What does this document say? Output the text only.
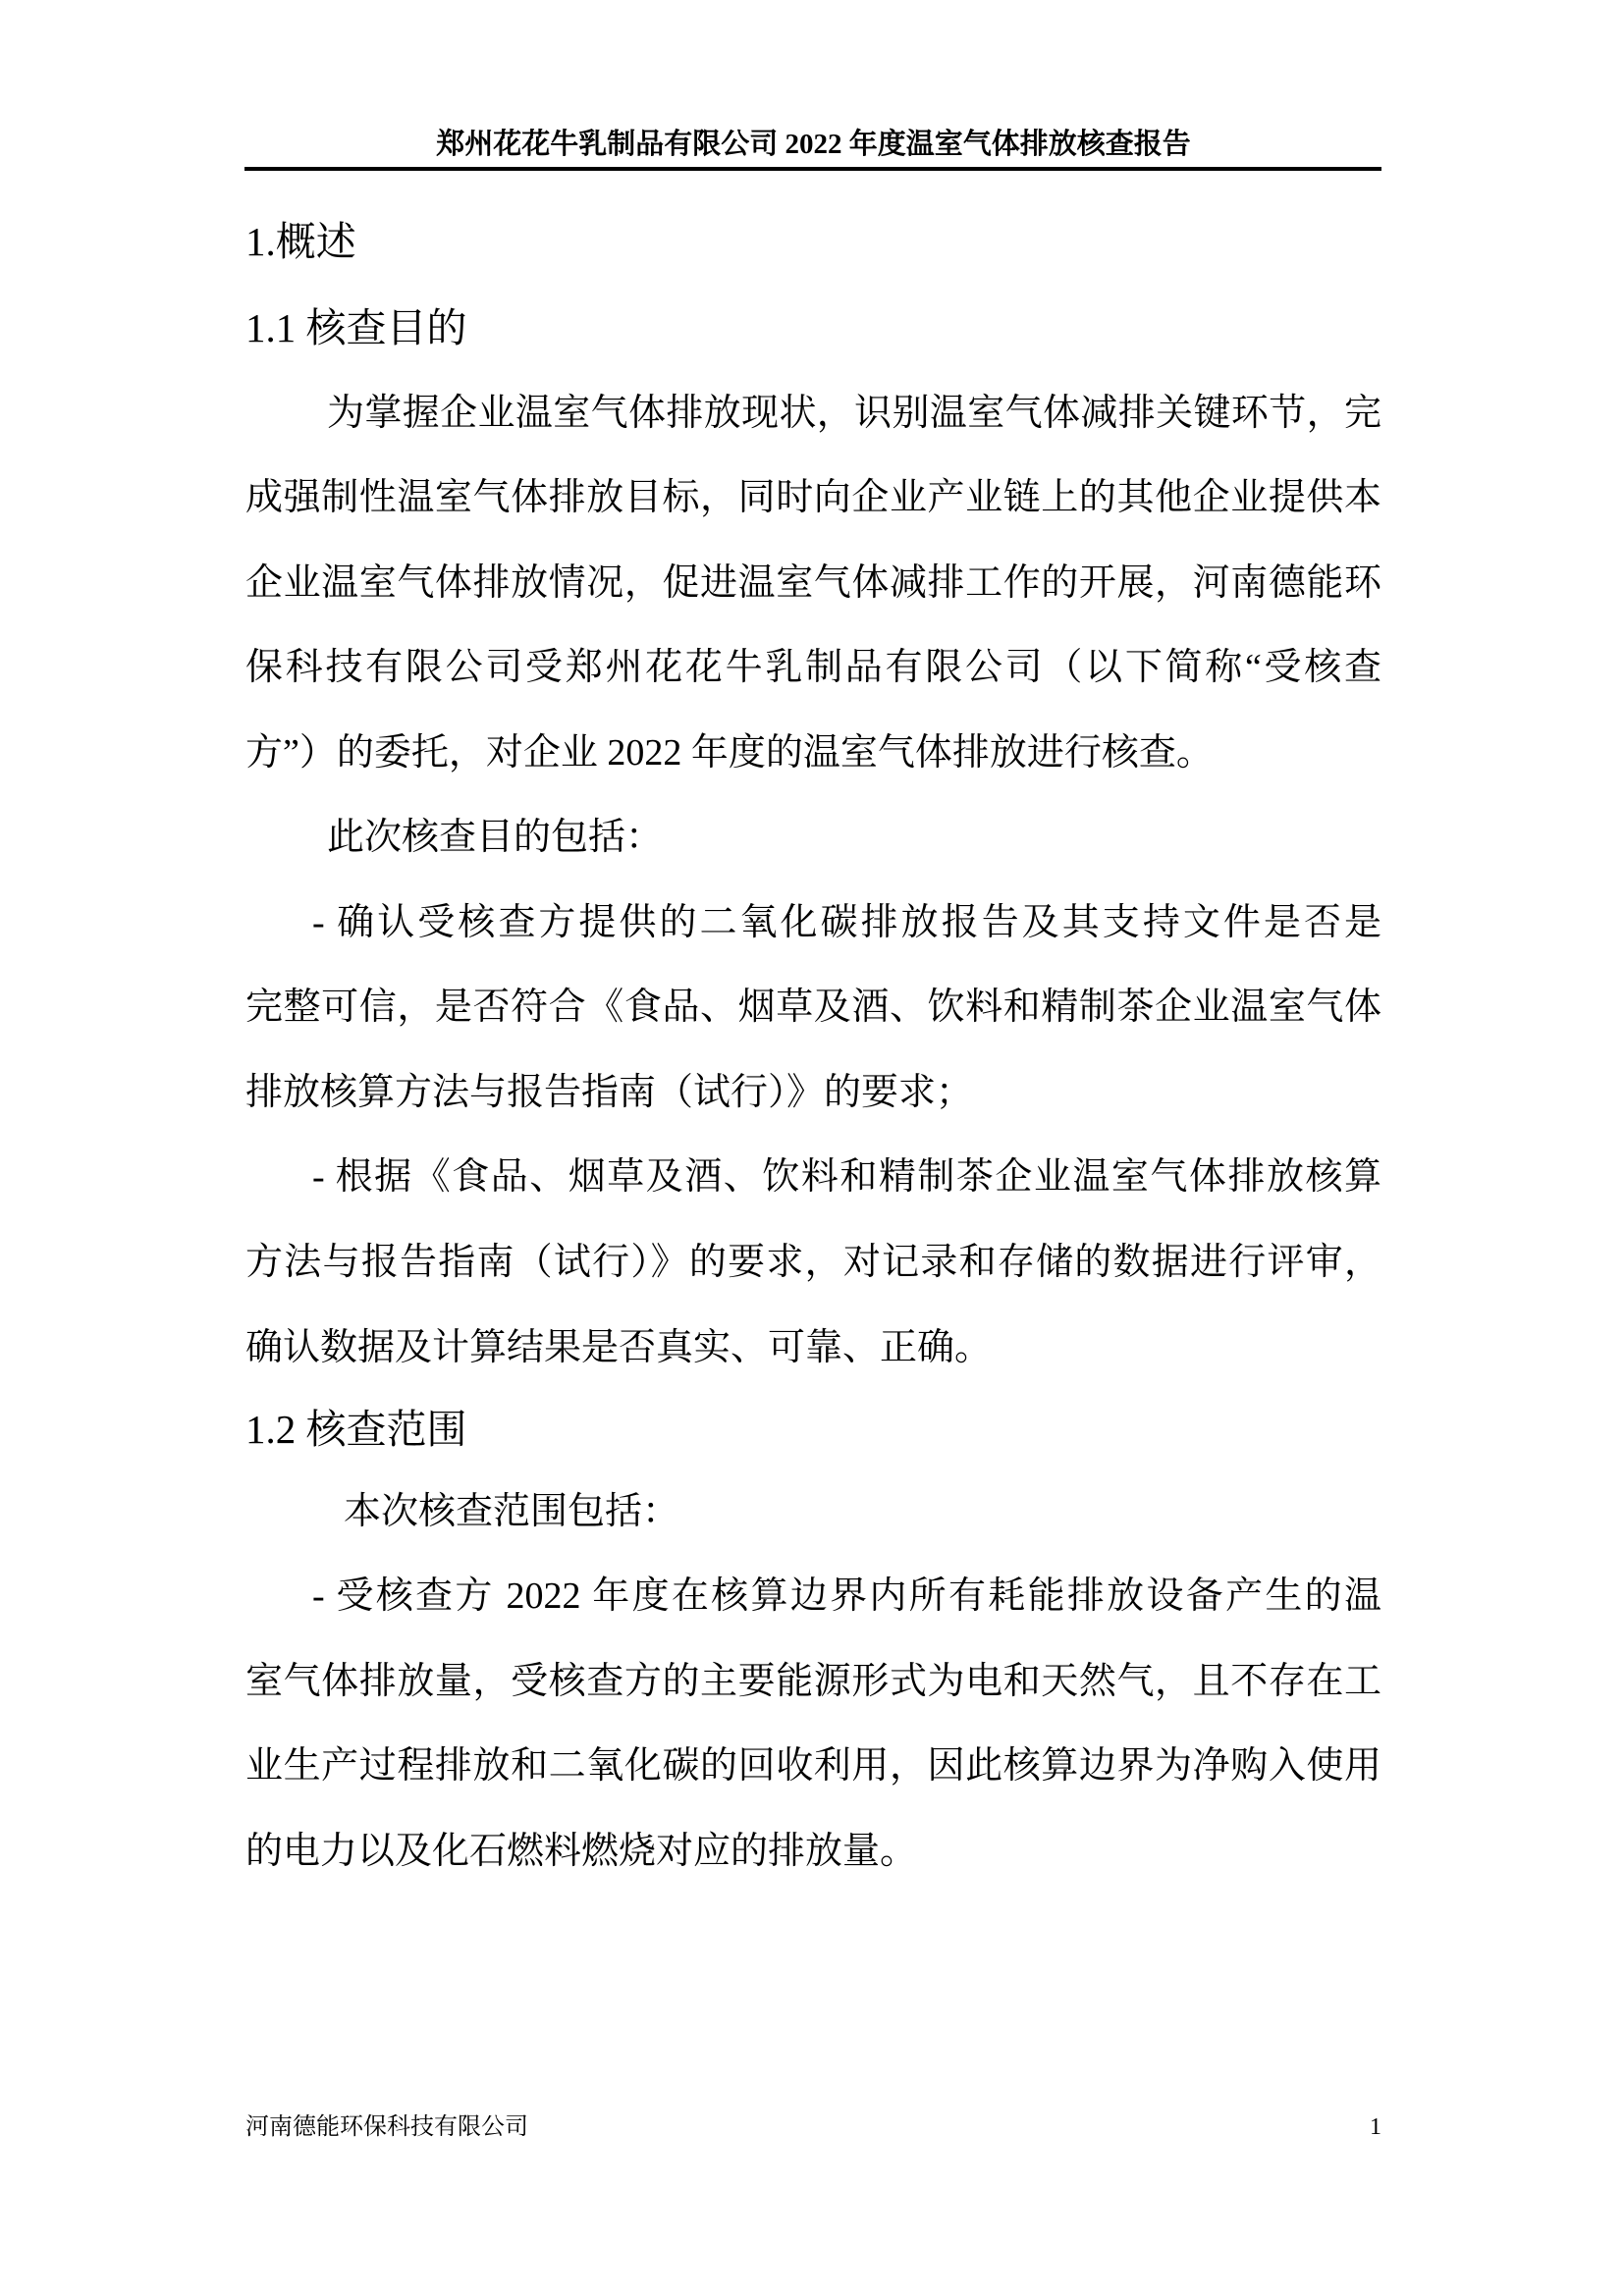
郑州花花牛乳制品有限公司 2022 年度温室气体排放核查报告
1.概述
1.1 核查目的
为掌握企业温室气体排放现状，识别温室气体减排关键环节，完
成强制性温室气体排放目标，同时向企业产业链上的其他企业提供本
企业温室气体排放情况，促进温室气体减排工作的开展，河南德能环
保科技有限公司受郑州花花牛乳制品有限公司（以下简称“受核查
方”）的委托，对企业 2022 年度的温室气体排放进行核查。
此次核查目的包括：
- 确认受核查方提供的二氧化碳排放报告及其支持文件是否是
完整可信，是否符合《食品、烟草及酒、饮料和精制茶企业温室气体
排放核算方法与报告指南（试行）》的要求；
- 根据《食品、烟草及酒、饮料和精制茶企业温室气体排放核算
方法与报告指南（试行）》的要求，对记录和存储的数据进行评审，
确认数据及计算结果是否真实、可靠、正确。
1.2 核查范围
本次核查范围包括：
- 受核查方 2022 年度在核算边界内所有耗能排放设备产生的温
室气体排放量，受核查方的主要能源形式为电和天然气，且不存在工
业生产过程排放和二氧化碳的回收利用，因此核算边界为净购入使用
的电力以及化石燃料燃烧对应的排放量。
河南德能环保科技有限公司	1
